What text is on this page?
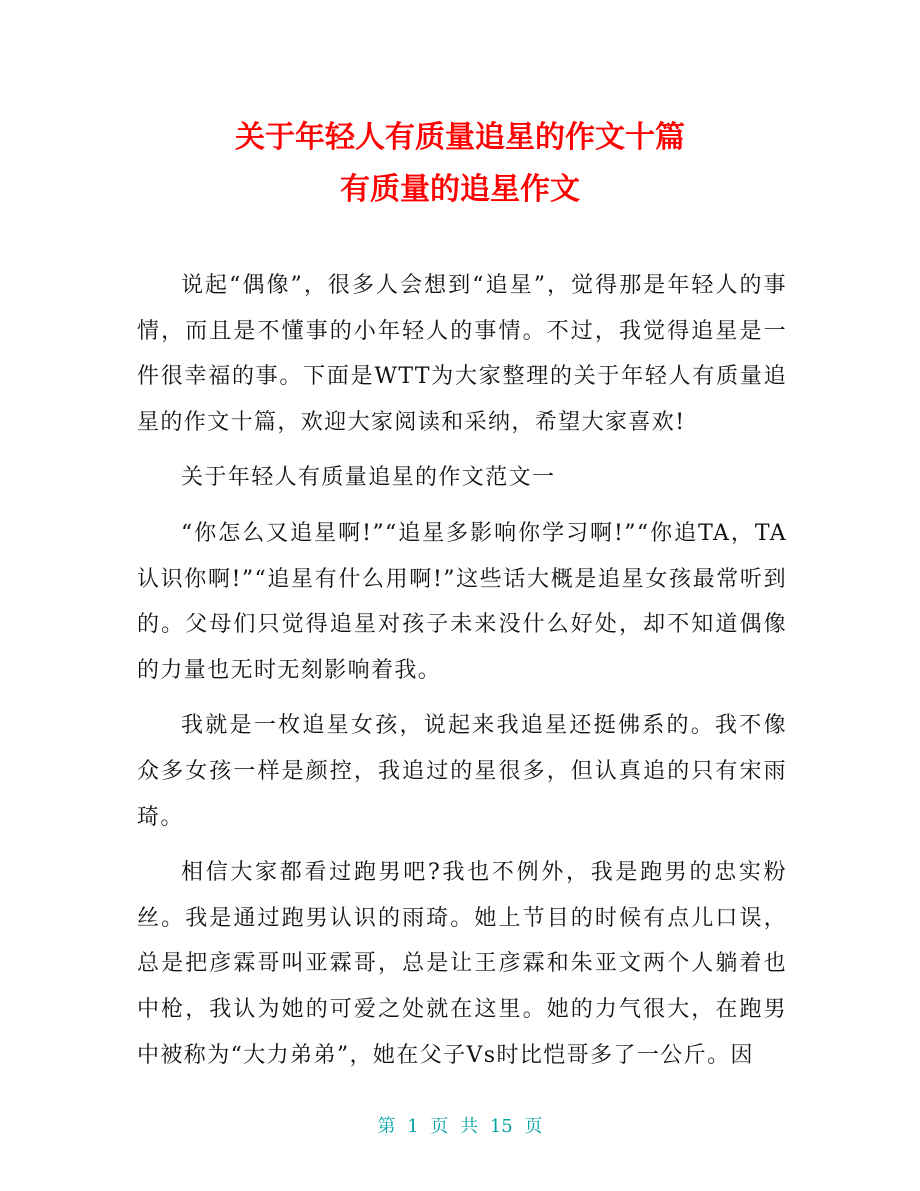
关于年轻人有质量追星的作文十篇
有质量的追星作文

说起“偶像”，很多人会想到“追星”，觉得那是年轻人的事情，而且是不懂事的小年轻人的事情。不过，我觉得追星是一件很幸福的事。下面是WTT为大家整理的关于年轻人有质量追星的作文十篇，欢迎大家阅读和采纳，希望大家喜欢!

关于年轻人有质量追星的作文范文一

“你怎么又追星啊!”“追星多影响你学习啊!”“你追TA，TA认识你啊!”“追星有什么用啊!”这些话大概是追星女孩最常听到的。父母们只觉得追星对孩子未来没什么好处，却不知道偶像的力量也无时无刻影响着我。

我就是一枚追星女孩，说起来我追星还挺佛系的。我不像众多女孩一样是颜控，我追过的星很多，但认真追的只有宋雨琦。

相信大家都看过跑男吧?我也不例外，我是跑男的忠实粉丝。我是通过跑男认识的雨琦。她上节目的时候有点儿口误，总是把彦霖哥叫亚霖哥，总是让王彦霖和朱亚文两个人躺着也中枪，我认为她的可爱之处就在这里。她的力气很大，在跑男中被称为“大力弟弟”，她在父子Vs时比恺哥多了一公斤。因

第 1 页 共 15 页
